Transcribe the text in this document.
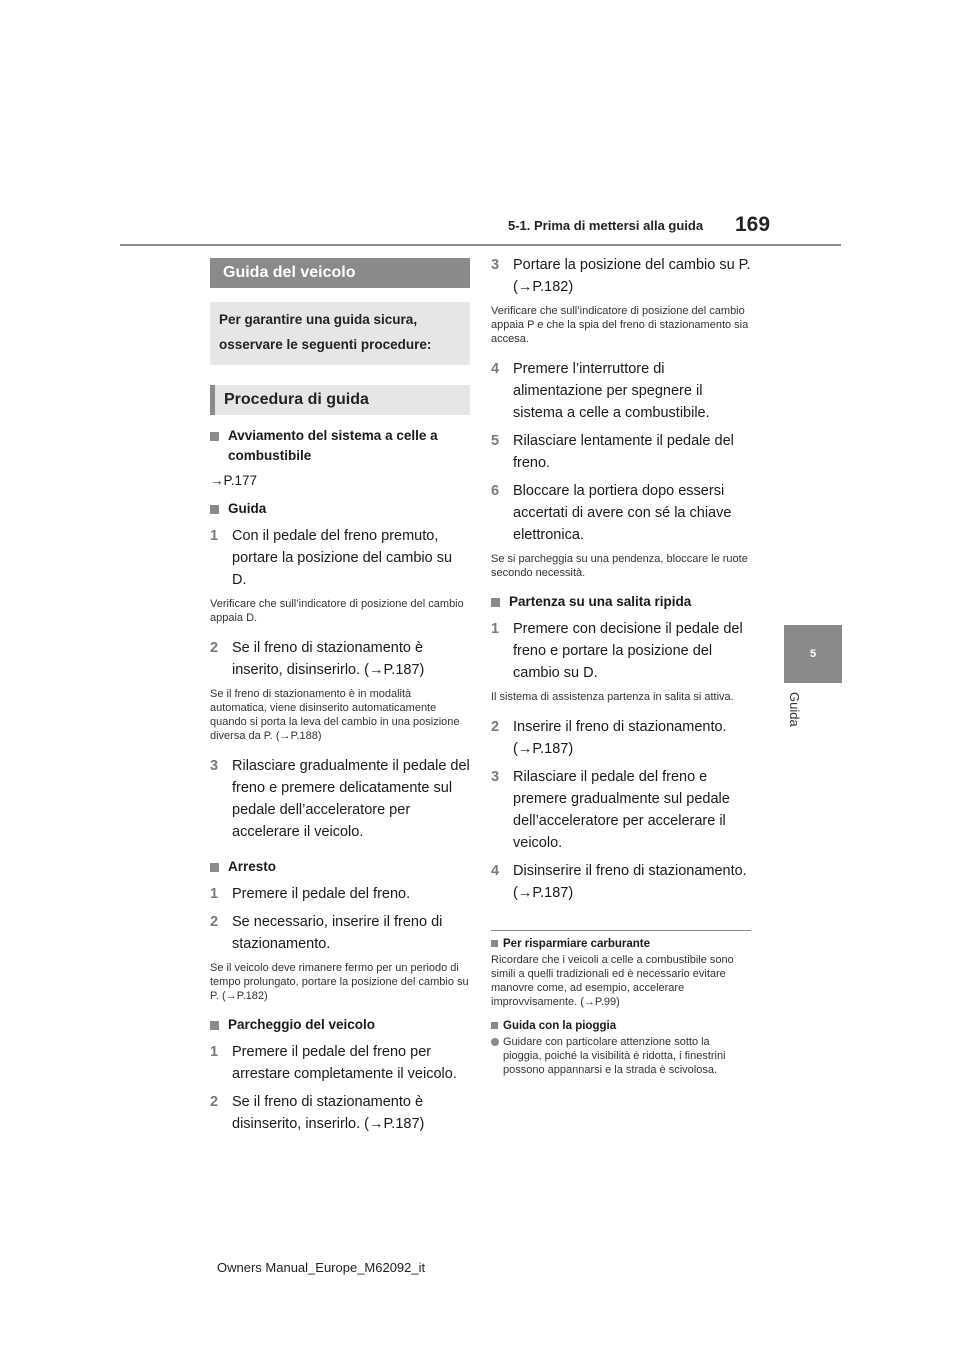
5-1. Prima di mettersi alla guida 169
5
Guida
Guida del veicolo
Per garantire una guida sicura, osservare le seguenti procedure:
Procedura di guida
Avviamento del sistema a celle a combustibile
→P.177
Guida
1 Con il pedale del freno premuto, portare la posizione del cambio su D.
Verificare che sull’indicatore di posizione del cambio appaia D.
2 Se il freno di stazionamento è inserito, disinserirlo. (→P.187)
Se il freno di stazionamento è in modalità automatica, viene disinserito automaticamente quando si porta la leva del cambio in una posizione diversa da P. (→P.188)
3 Rilasciare gradualmente il pedale del freno e premere delicatamente sul pedale dell’acceleratore per accelerare il veicolo.
Arresto
1 Premere il pedale del freno.
2 Se necessario, inserire il freno di stazionamento.
Se il veicolo deve rimanere fermo per un periodo di tempo prolungato, portare la posizione del cambio su P. (→P.182)
Parcheggio del veicolo
1 Premere il pedale del freno per arrestare completamente il veicolo.
2 Se il freno di stazionamento è disinserito, inserirlo. (→P.187)
3 Portare la posizione del cambio su P. (→P.182)
Verificare che sull’indicatore di posizione del cambio appaia P e che la spia del freno di stazionamento sia accesa.
4 Premere l’interruttore di alimentazione per spegnere il sistema a celle a combustibile.
5 Rilasciare lentamente il pedale del freno.
6 Bloccare la portiera dopo essersi accertati di avere con sé la chiave elettronica.
Se si parcheggia su una pendenza, bloccare le ruote secondo necessità.
Partenza su una salita ripida
1 Premere con decisione il pedale del freno e portare la posizione del cambio su D.
Il sistema di assistenza partenza in salita si attiva.
2 Inserire il freno di stazionamento. (→P.187)
3 Rilasciare il pedale del freno e premere gradualmente sul pedale dell’acceleratore per accelerare il veicolo.
4 Disinserire il freno di stazionamento. (→P.187)
Per risparmiare carburante
Ricordare che i veicoli a celle a combustibile sono simili a quelli tradizionali ed è necessario evitare manovre come, ad esempio, accelerare improvvisamente. (→P.99)
Guida con la pioggia
Guidare con particolare attenzione sotto la pioggia, poiché la visibilità è ridotta, i finestrini possono appannarsi e la strada è scivolosa.
Owners Manual_Europe_M62092_it
